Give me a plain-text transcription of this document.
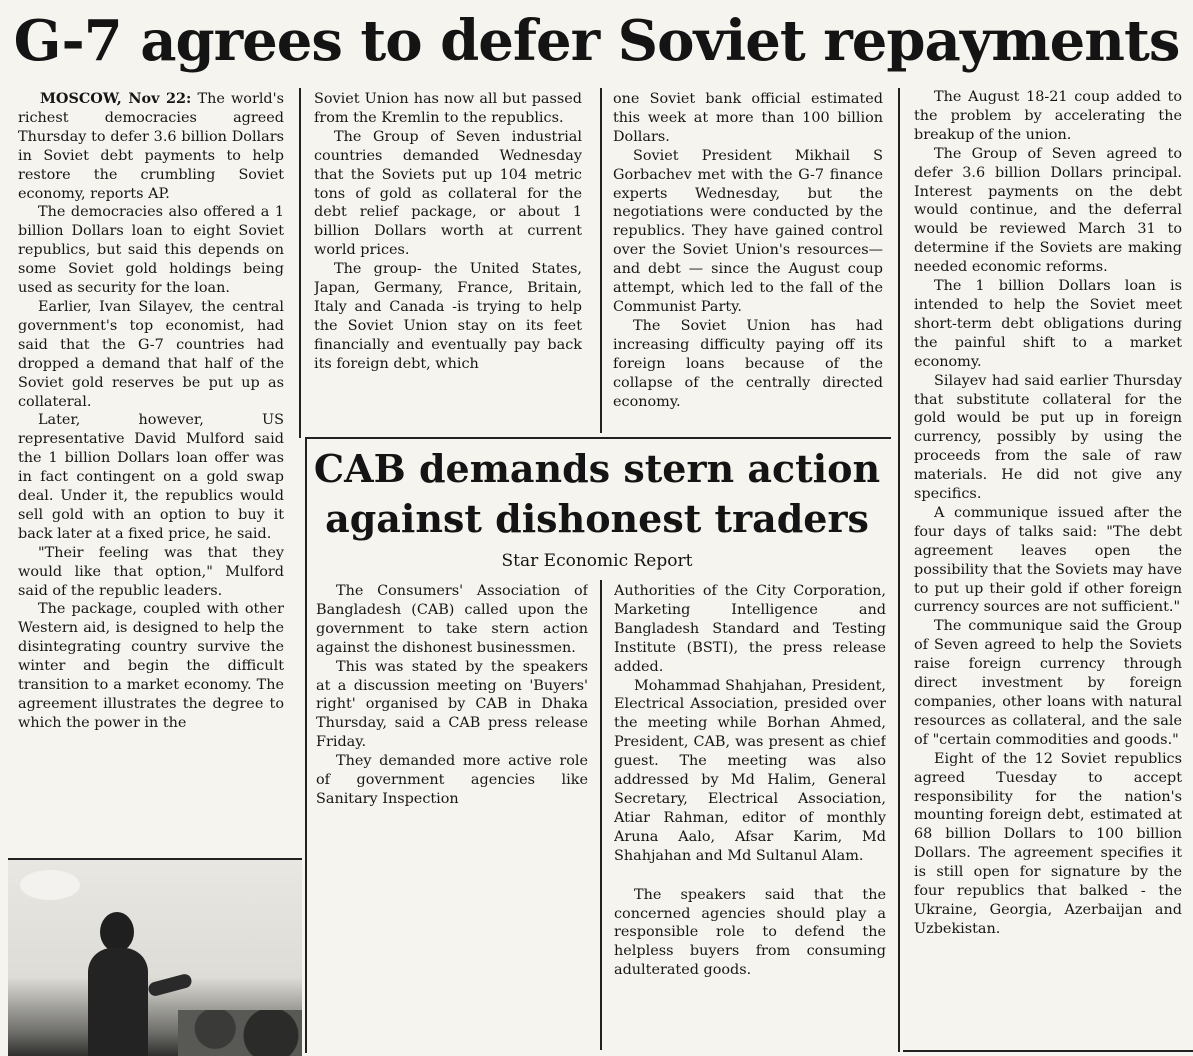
G-7 agrees to defer Soviet repayments

MOSCOW, Nov 22: The world's richest democracies agreed Thursday to defer 3.6 billion Dollars in Soviet debt payments to help restore the crumbling Soviet economy, reports AP.

The democracies also offered a 1 billion Dollars loan to eight Soviet republics, but said this depends on some Soviet gold holdings being used as security for the loan.

Earlier, Ivan Silayev, the central government's top economist, had said that the G-7 countries had dropped a demand that half of the Soviet gold reserves be put up as collateral.

Later, however, US representative David Mulford said the 1 billion Dollars loan offer was in fact contingent on a gold swap deal. Under it, the republics would sell gold with an option to buy it back later at a fixed price, he said.

"Their feeling was that they would like that option," Mulford said of the republic leaders.

The package, coupled with other Western aid, is designed to help the disintegrating country survive the winter and begin the difficult transition to a market economy. The agreement illustrates the degree to which the power in the

Soviet Union has now all but passed from the Kremlin to the republics.

The Group of Seven industrial countries demanded Wednesday that the Soviets put up 104 metric tons of gold as collateral for the debt relief package, or about 1 billion Dollars worth at current world prices.

The group- the United States, Japan, Germany, France, Britain, Italy and Canada -is trying to help the Soviet Union stay on its feet financially and eventually pay back its foreign debt, which

one Soviet bank official estimated this week at more than 100 billion Dollars.

Soviet President Mikhail S Gorbachev met with the G-7 finance experts Wednesday, but the negotiations were conducted by the republics. They have gained control over the Soviet Union's resources— and debt — since the August coup attempt, which led to the fall of the Communist Party.

The Soviet Union has had increasing difficulty paying off its foreign loans because of the collapse of the centrally directed economy.

The August 18-21 coup added to the problem by accelerating the breakup of the union.

The Group of Seven agreed to defer 3.6 billion Dollars principal. Interest payments on the debt would continue, and the deferral would be reviewed March 31 to determine if the Soviets are making needed economic reforms.

The 1 billion Dollars loan is intended to help the Soviet meet short-term debt obligations during the painful shift to a market economy.

Silayev had said earlier Thursday that substitute collateral for the gold would be put up in foreign currency, possibly by using the proceeds from the sale of raw materials. He did not give any specifics.

A communique issued after the four days of talks said: "The debt agreement leaves open the possibility that the Soviets may have to put up their gold if other foreign currency sources are not sufficient."

The communique said the Group of Seven agreed to help the Soviets raise foreign currency through direct investment by foreign companies, other loans with natural resources as collateral, and the sale of "certain commodities and goods."

Eight of the 12 Soviet republics agreed Tuesday to accept responsibility for the nation's mounting foreign debt, estimated at 68 billion Dollars to 100 billion Dollars. The agreement specifies it is still open for signature by the four republics that balked - the Ukraine, Georgia, Azerbaijan and Uzbekistan.

CAB demands stern action
against dishonest traders
Star Economic Report

The Consumers' Association of Bangladesh (CAB) called upon the government to take stern action against the dishonest businessmen.

This was stated by the speakers at a discussion meeting on 'Buyers' right' organised by CAB in Dhaka Thursday, said a CAB press release Friday.

They demanded more active role of government agencies like Sanitary Inspection

Authorities of the City Corporation, Marketing Intelligence and Bangladesh Standard and Testing Institute (BSTI), the press release added.

Mohammad Shahjahan, President, Electrical Association, presided over the meeting while Borhan Ahmed, President, CAB, was present as chief guest. The meeting was also addressed by Md Halim, General Secretary, Electrical Association, Atiar Rahman, editor of monthly Aruna Aalo, Afsar Karim, Md Shahjahan and Md Sultanul Alam.

The speakers said that the concerned agencies should play a responsible role to defend the helpless buyers from consuming adulterated goods.
